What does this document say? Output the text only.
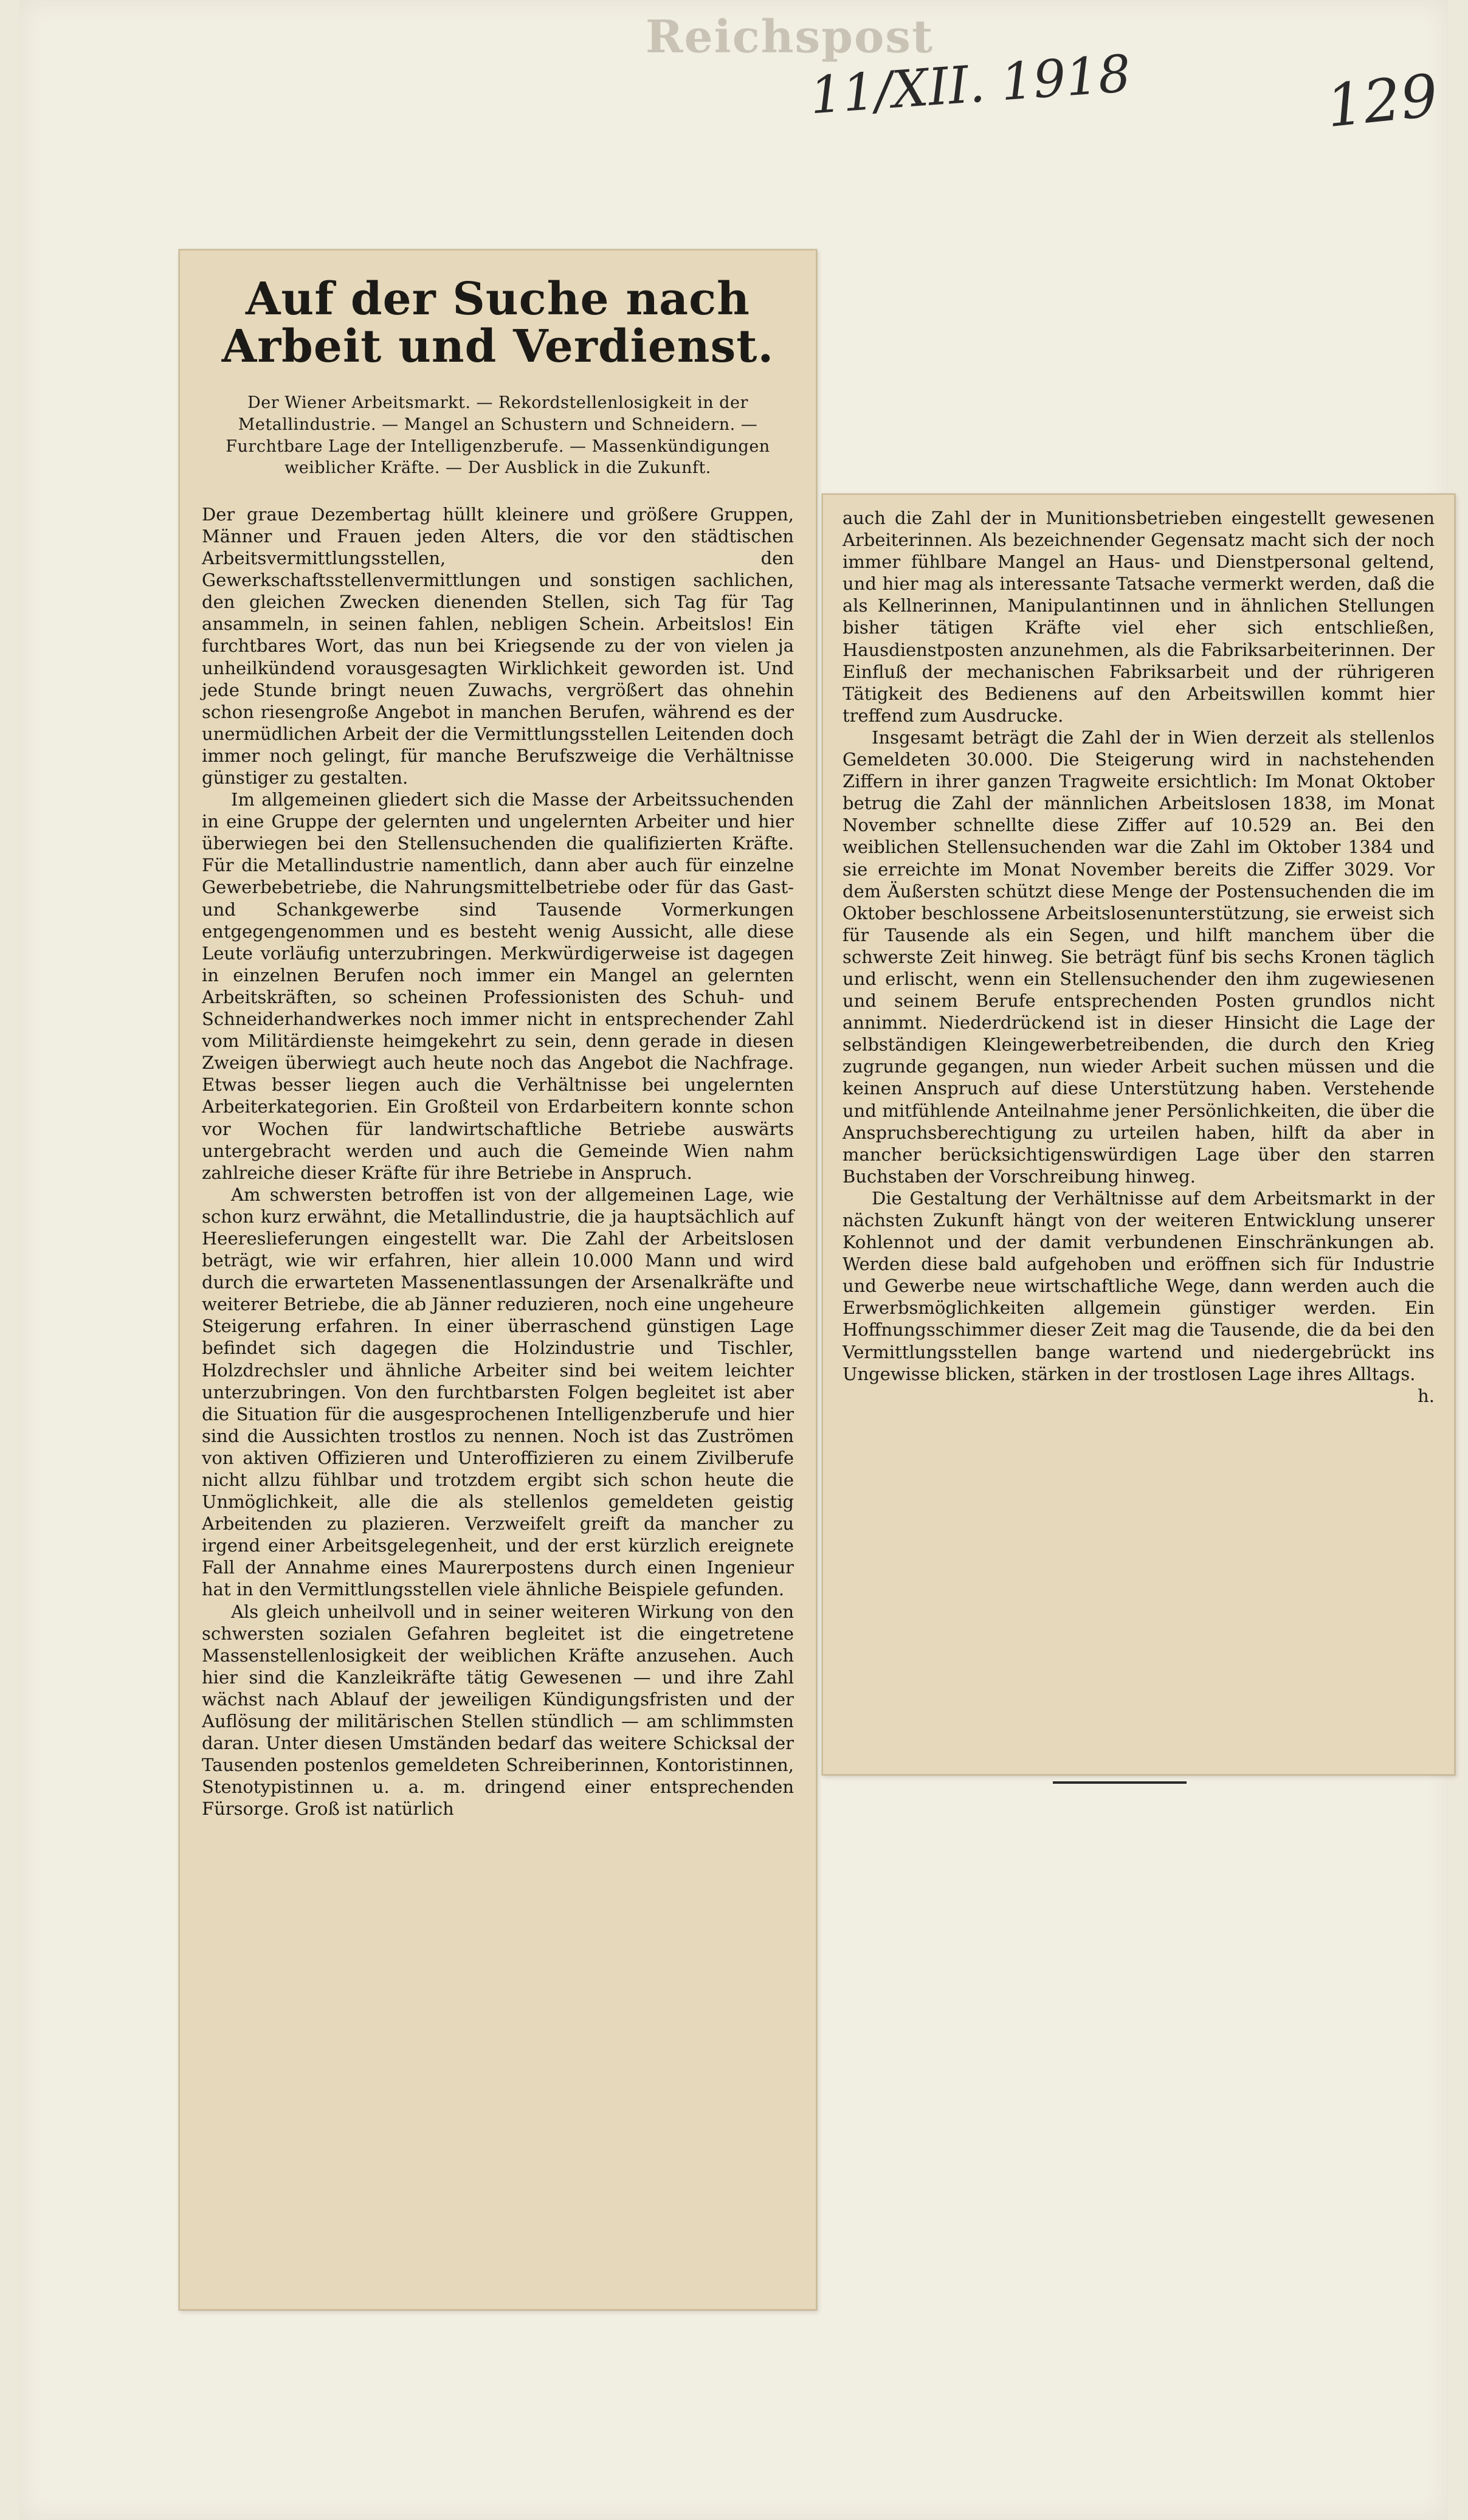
Reichspost
11/XII. 1918	129
Auf der Suche nach Arbeit und Verdienst.
Der Wiener Arbeitsmarkt. — Rekordstellenlosigkeit in der Metallindustrie. — Mangel an Schustern und Schneidern. — Furchtbare Lage der Intelligenzberufe. — Massenkündigungen weiblicher Kräfte. — Der Ausblick in die Zukunft.

Der graue Dezembertag hüllt kleinere und größere Gruppen, Männer und Frauen jeden Alters, die vor den städtischen Arbeitsvermittlungsstellen, den Gewerkschaftsstellenvermittlungen und sonstigen sachlichen, den gleichen Zwecken dienenden Stellen, sich Tag für Tag ansammeln, in seinen fahlen, nebligen Schein. Arbeitslos! Ein furchtbares Wort, das nun bei Kriegsende zu der von vielen ja unheilkündend vorausgesagten Wirklichkeit geworden ist. Und jede Stunde bringt neuen Zuwachs, vergrößert das ohnehin schon riesengroße Angebot in manchen Berufen, während es der unermüdlichen Arbeit der die Vermittlungsstellen Leitenden doch immer noch gelingt, für manche Berufszweige die Verhältnisse günstiger zu gestalten.

Im allgemeinen gliedert sich die Masse der Arbeitssuchenden in eine Gruppe der gelernten und ungelernten Arbeiter und hier überwiegen bei den Stellensuchenden die qualifizierten Kräfte. Für die Metallindustrie namentlich, dann aber auch für einzelne Gewerbebetriebe, die Nahrungsmittelbetriebe oder für das Gast- und Schankgewerbe sind Tausende Vormerkungen entgegengenommen und es besteht wenig Aussicht, alle diese Leute vorläufig unterzubringen. Merkwürdigerweise ist dagegen in einzelnen Berufen noch immer ein Mangel an gelernten Arbeitskräften, so scheinen Professionisten des Schuh- und Schneiderhandwerkes noch immer nicht in entsprechender Zahl vom Militärdienste heimgekehrt zu sein, denn gerade in diesen Zweigen überwiegt auch heute noch das Angebot die Nachfrage. Etwas besser liegen auch die Verhältnisse bei ungelernten Arbeiterkategorien. Ein Großteil von Erdarbeitern konnte schon vor Wochen für landwirtschaftliche Betriebe auswärts untergebracht werden und auch die Gemeinde Wien nahm zahlreiche dieser Kräfte für ihre Betriebe in Anspruch.

Am schwersten betroffen ist von der allgemeinen Lage, wie schon kurz erwähnt, die Metallindustrie, die ja hauptsächlich auf Heereslieferungen eingestellt war. Die Zahl der Arbeitslosen beträgt, wie wir erfahren, hier allein 10.000 Mann und wird durch die erwarteten Massenentlassungen der Arsenalkräfte und weiterer Betriebe, die ab Jänner reduzieren, noch eine ungeheure Steigerung erfahren. In einer überraschend günstigen Lage befindet sich dagegen die Holzindustrie und Tischler, Holzdrechsler und ähnliche Arbeiter sind bei weitem leichter unterzubringen. Von den furchtbarsten Folgen begleitet ist aber die Situation für die ausgesprochenen Intelligenzberufe und hier sind die Aussichten trostlos zu nennen. Noch ist das Zuströmen von aktiven Offizieren und Unteroffizieren zu einem Zivilberufe nicht allzu fühlbar und trotzdem ergibt sich schon heute die Unmöglichkeit, alle die als stellenlos gemeldeten geistig Arbeitenden zu plazieren. Verzweifelt greift da mancher zu irgend einer Arbeitsgelegenheit, und der erst kürzlich ereignete Fall der Annahme eines Maurerpostens durch einen Ingenieur hat in den Vermittlungsstellen viele ähnliche Beispiele gefunden.

Als gleich unheilvoll und in seiner weiteren Wirkung von den schwersten sozialen Gefahren begleitet ist die eingetretene Massenstellenlosigkeit der weiblichen Kräfte anzusehen. Auch hier sind die Kanzleikräfte tätig Gewesenen — und ihre Zahl wächst nach Ablauf der jeweiligen Kündigungsfristen und der Auflösung der militärischen Stellen stündlich — am schlimmsten daran. Unter diesen Umständen bedarf das weitere Schicksal der Tausenden postenlos gemeldeten Schreiberinnen, Kontoristinnen, Stenotypistinnen u. a. m. dringend einer entsprechenden Fürsorge. Groß ist natürlich

auch die Zahl der in Munitionsbetrieben eingestellt gewesenen Arbeiterinnen. Als bezeichnender Gegensatz macht sich der noch immer fühlbare Mangel an Haus- und Dienstpersonal geltend, und hier mag als interessante Tatsache vermerkt werden, daß die als Kellnerinnen, Manipulantinnen und in ähnlichen Stellungen bisher tätigen Kräfte viel eher sich entschließen, Hausdienstposten anzunehmen, als die Fabriksarbeiterinnen. Der Einfluß der mechanischen Fabriksarbeit und der rührigeren Tätigkeit des Bedienens auf den Arbeitswillen kommt hier treffend zum Ausdrucke.

Insgesamt beträgt die Zahl der in Wien derzeit als stellenlos Gemeldeten 30.000. Die Steigerung wird in nachstehenden Ziffern in ihrer ganzen Tragweite ersichtlich: Im Monat Oktober betrug die Zahl der männlichen Arbeitslosen 1838, im Monat November schnellte diese Ziffer auf 10.529 an. Bei den weiblichen Stellensuchenden war die Zahl im Oktober 1384 und sie erreichte im Monat November bereits die Ziffer 3029. Vor dem Äußersten schützt diese Menge der Postensuchenden die im Oktober beschlossene Arbeitslosenunterstützung, sie erweist sich für Tausende als ein Segen, und hilft manchem über die schwerste Zeit hinweg. Sie beträgt fünf bis sechs Kronen täglich und erlischt, wenn ein Stellensuchender den ihm zugewiesenen und seinem Berufe entsprechenden Posten grundlos nicht annimmt. Niederdrückend ist in dieser Hinsicht die Lage der selbständigen Kleingewerbetreibenden, die durch den Krieg zugrunde gegangen, nun wieder Arbeit suchen müssen und die keinen Anspruch auf diese Unterstützung haben. Verstehende und mitfühlende Anteilnahme jener Persönlichkeiten, die über die Anspruchsberechtigung zu urteilen haben, hilft da aber in mancher berücksichtigenswürdigen Lage über den starren Buchstaben der Vorschreibung hinweg.

Die Gestaltung der Verhältnisse auf dem Arbeitsmarkt in der nächsten Zukunft hängt von der weiteren Entwicklung unserer Kohlennot und der damit verbundenen Einschränkungen ab. Werden diese bald aufgehoben und eröffnen sich für Industrie und Gewerbe neue wirtschaftliche Wege, dann werden auch die Erwerbsmöglichkeiten allgemein günstiger werden. Ein Hoffnungsschimmer dieser Zeit mag die Tausende, die da bei den Vermittlungsstellen bange wartend und niedergebrückt ins Ungewisse blicken, stärken in der trostlosen Lage ihres Alltags.

h.
